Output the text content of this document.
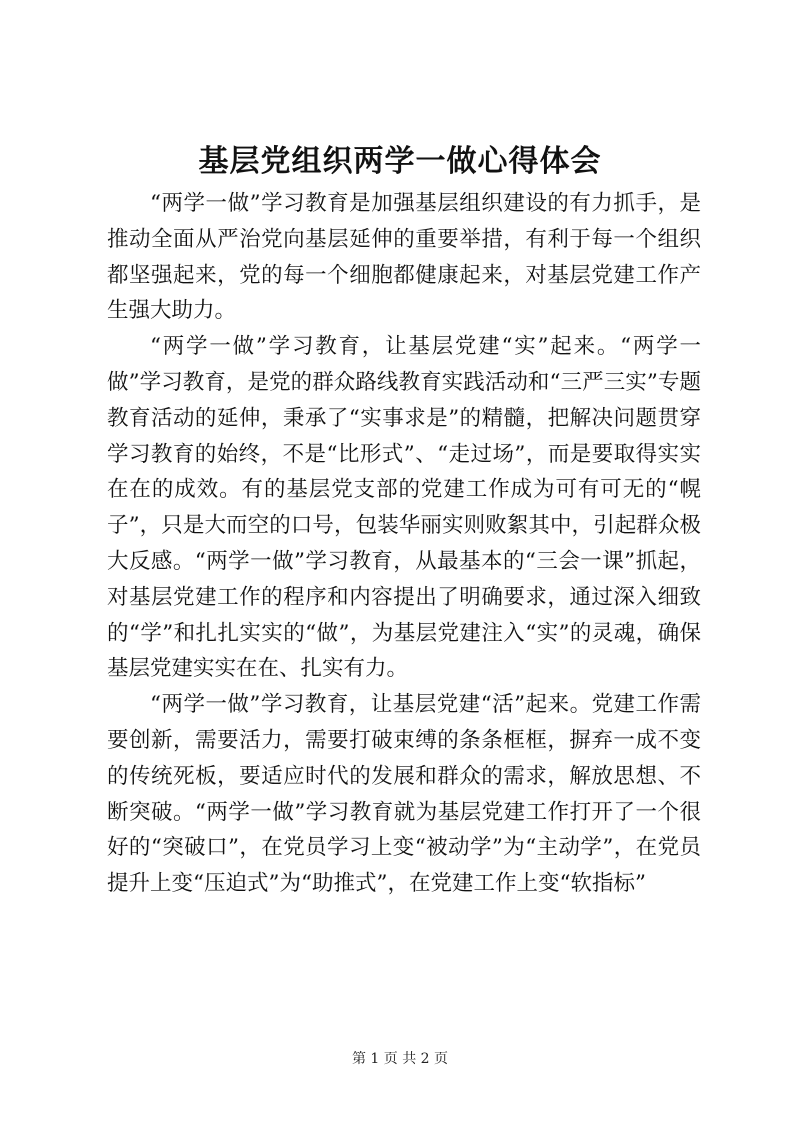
基层党组织两学一做心得体会

“两学一做”学习教育是加强基层组织建设的有力抓手，是推动全面从严治党向基层延伸的重要举措，有利于每一个组织都坚强起来，党的每一个细胞都健康起来，对基层党建工作产生强大助力。

“两学一做”学习教育，让基层党建“实”起来。“两学一做”学习教育，是党的群众路线教育实践活动和“三严三实”专题教育活动的延伸，秉承了“实事求是”的精髓，把解决问题贯穿学习教育的始终，不是“比形式”、“走过场”，而是要取得实实在在的成效。有的基层党支部的党建工作成为可有可无的“幌子”，只是大而空的口号，包装华丽实则败絮其中，引起群众极大反感。“两学一做”学习教育，从最基本的“三会一课”抓起，对基层党建工作的程序和内容提出了明确要求，通过深入细致的“学”和扎扎实实的“做”，为基层党建注入“实”的灵魂，确保基层党建实实在在、扎实有力。

“两学一做”学习教育，让基层党建“活”起来。党建工作需要创新，需要活力，需要打破束缚的条条框框，摒弃一成不变的传统死板，要适应时代的发展和群众的需求，解放思想、不断突破。“两学一做”学习教育就为基层党建工作打开了一个很好的“突破口”，在党员学习上变“被动学”为“主动学”，在党员提升上变“压迫式”为“助推式”，在党建工作上变“软指标”

第 1 页 共 2 页
